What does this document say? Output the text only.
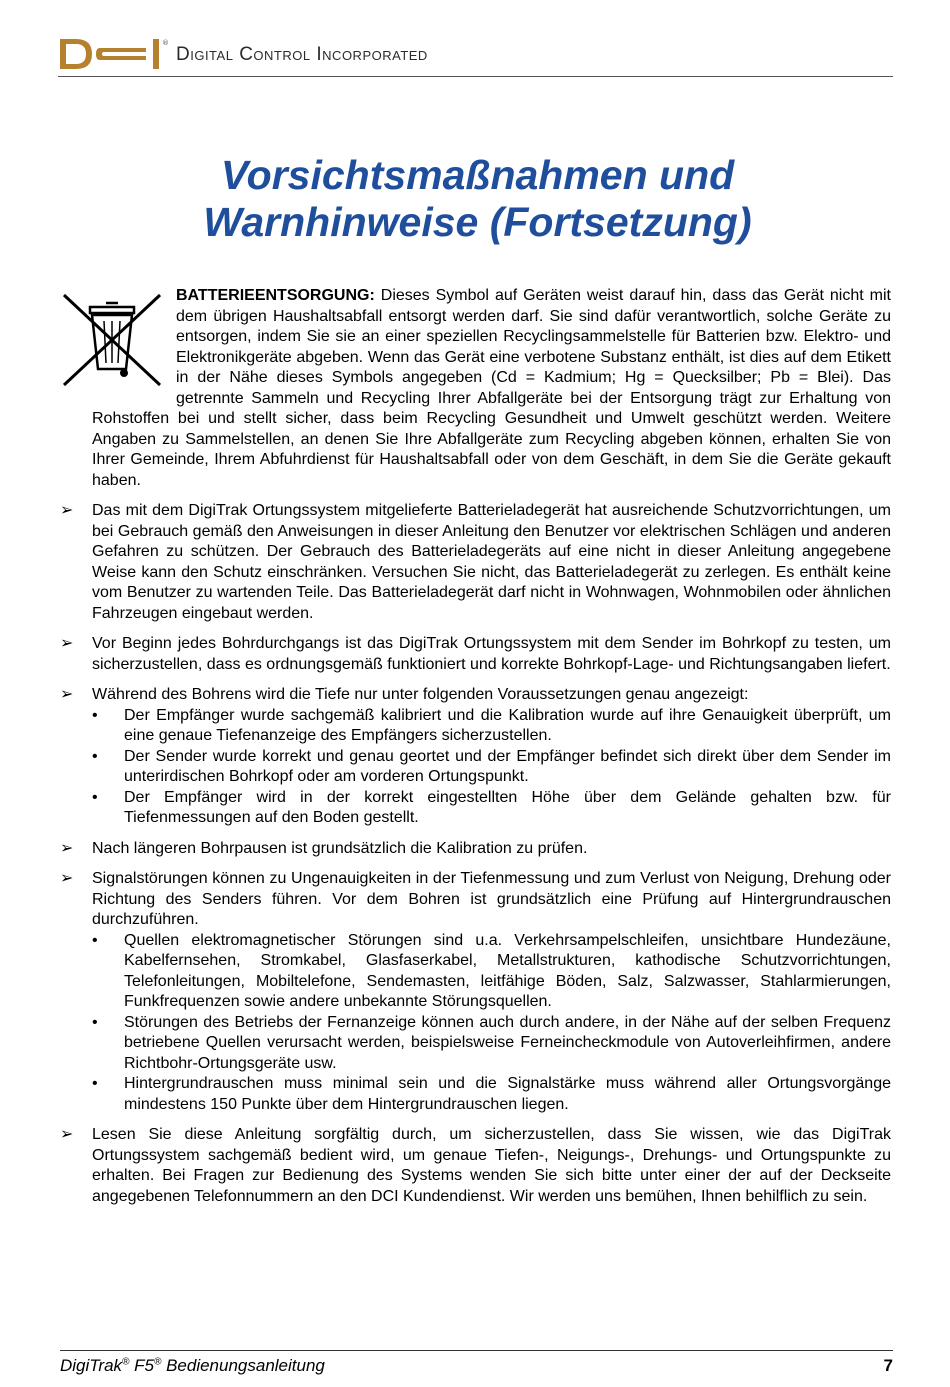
®
Digital Control Incorporated
Vorsichtsmaßnahmen und
Warnhinweise (Fortsetzung)
BATTERIEENTSORGUNG: Dieses Symbol auf Geräten weist darauf hin, dass das Gerät nicht mit dem übrigen Haushaltsabfall entsorgt werden darf. Sie sind dafür verantwortlich, solche Geräte zu entsorgen, indem Sie sie an einer speziellen Recyclingsammelstelle für Batterien bzw. Elektro- und Elektronikgeräte abgeben. Wenn das Gerät eine verbotene Substanz enthält, ist dies auf dem Etikett in der Nähe dieses Symbols angegeben (Cd = Kadmium; Hg = Quecksilber; Pb = Blei). Das getrennte Sammeln und Recycling Ihrer Abfallgeräte bei der Entsorgung trägt zur Erhaltung von Rohstoffen bei und stellt sicher, dass beim Recycling Gesundheit und Umwelt geschützt werden. Weitere Angaben zu Sammelstellen, an denen Sie Ihre Abfallgeräte zum Recycling abgeben können, erhalten Sie von Ihrer Gemeinde, Ihrem Abfuhrdienst für Haushaltsabfall oder von dem Geschäft, in dem Sie die Geräte gekauft haben.
➢ Das mit dem DigiTrak Ortungssystem mitgelieferte Batterieladegerät hat ausreichende Schutzvorrichtungen, um bei Gebrauch gemäß den Anweisungen in dieser Anleitung den Benutzer vor elektrischen Schlägen und anderen Gefahren zu schützen. Der Gebrauch des Batterieladegeräts auf eine nicht in dieser Anleitung angegebene Weise kann den Schutz einschränken. Versuchen Sie nicht, das Batterieladegerät zu zerlegen. Es enthält keine vom Benutzer zu wartenden Teile. Das Batterieladegerät darf nicht in Wohnwagen, Wohnmobilen oder ähnlichen Fahrzeugen eingebaut werden.
➢ Vor Beginn jedes Bohrdurchgangs ist das DigiTrak Ortungssystem mit dem Sender im Bohrkopf zu testen, um sicherzustellen, dass es ordnungsgemäß funktioniert und korrekte Bohrkopf-Lage- und Richtungsangaben liefert.
➢ Während des Bohrens wird die Tiefe nur unter folgenden Voraussetzungen genau angezeigt:
• Der Empfänger wurde sachgemäß kalibriert und die Kalibration wurde auf ihre Genauigkeit überprüft, um eine genaue Tiefenanzeige des Empfängers sicherzustellen.
• Der Sender wurde korrekt und genau geortet und der Empfänger befindet sich direkt über dem Sender im unterirdischen Bohrkopf oder am vorderen Ortungspunkt.
• Der Empfänger wird in der korrekt eingestellten Höhe über dem Gelände gehalten bzw. für Tiefenmessungen auf den Boden gestellt.
➢ Nach längeren Bohrpausen ist grundsätzlich die Kalibration zu prüfen.
➢ Signalstörungen können zu Ungenauigkeiten in der Tiefenmessung und zum Verlust von Neigung, Drehung oder Richtung des Senders führen. Vor dem Bohren ist grundsätzlich eine Prüfung auf Hintergrundrauschen durchzuführen.
• Quellen elektromagnetischer Störungen sind u.a. Verkehrsampelschleifen, unsichtbare Hundezäune, Kabelfernsehen, Stromkabel, Glasfaserkabel, Metallstrukturen, kathodische Schutzvorrichtungen, Telefonleitungen, Mobiltelefone, Sendemasten, leitfähige Böden, Salz, Salzwasser, Stahlarmierungen, Funkfrequenzen sowie andere unbekannte Störungsquellen.
• Störungen des Betriebs der Fernanzeige können auch durch andere, in der Nähe auf der selben Frequenz betriebene Quellen verursacht werden, beispielsweise Ferneincheckmodule von Autoverleihfirmen, andere Richtbohr-Ortungsgeräte usw.
• Hintergrundrauschen muss minimal sein und die Signalstärke muss während aller Ortungsvorgänge mindestens 150 Punkte über dem Hintergrundrauschen liegen.
➢ Lesen Sie diese Anleitung sorgfältig durch, um sicherzustellen, dass Sie wissen, wie das DigiTrak Ortungssystem sachgemäß bedient wird, um genaue Tiefen-, Neigungs-, Drehungs- und Ortungspunkte zu erhalten. Bei Fragen zur Bedienung des Systems wenden Sie sich bitte unter einer der auf der Deckseite angegebenen Telefonnummern an den DCI Kundendienst. Wir werden uns bemühen, Ihnen behilflich zu sein.
DigiTrak® F5® Bedienungsanleitung	7
